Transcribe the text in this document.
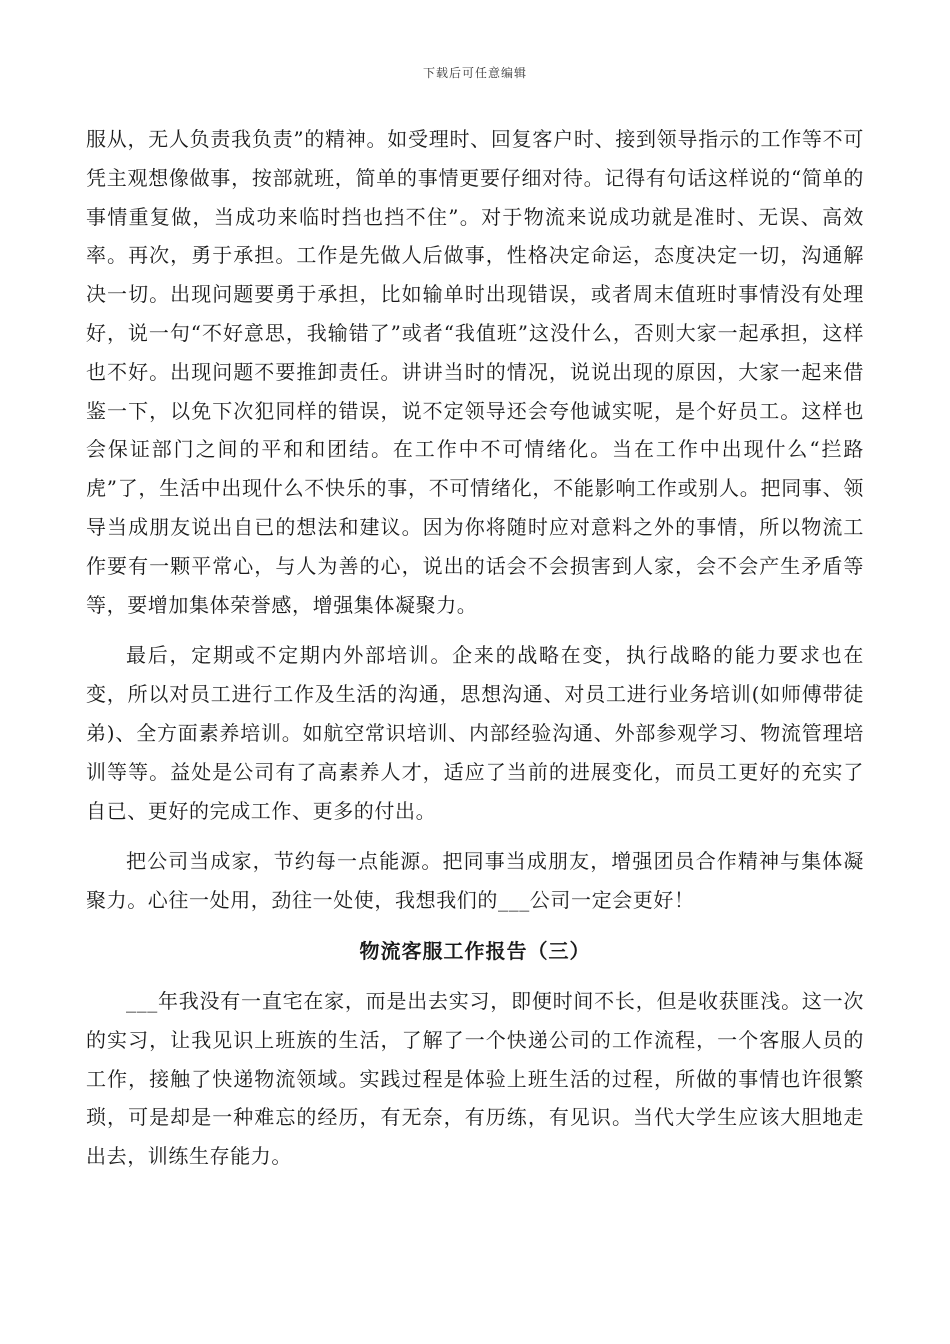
下载后可任意编辑

服从，无人负责我负责”的精神。如受理时、回复客户时、接到领导指示的工作等不可凭主观想像做事，按部就班，简单的事情更要仔细对待。记得有句话这样说的“简单的事情重复做，当成功来临时挡也挡不住”。对于物流来说成功就是准时、无误、高效率。再次，勇于承担。工作是先做人后做事，性格决定命运，态度决定一切，沟通解决一切。出现问题要勇于承担，比如输单时出现错误，或者周末值班时事情没有处理好，说一句“不好意思，我输错了”或者“我值班”这没什么，否则大家一起承担，这样也不好。出现问题不要推卸责任。讲讲当时的情况，说说出现的原因，大家一起来借鉴一下，以免下次犯同样的错误，说不定领导还会夸他诚实呢，是个好员工。这样也会保证部门之间的平和和团结。在工作中不可情绪化。当在工作中出现什么“拦路虎”了，生活中出现什么不快乐的事，不可情绪化，不能影响工作或别人。把同事、领导当成朋友说出自已的想法和建议。因为你将随时应对意料之外的事情，所以物流工作要有一颗平常心，与人为善的心，说出的话会不会损害到人家，会不会产生矛盾等等，要增加集体荣誉感，增强集体凝聚力。

最后，定期或不定期内外部培训。企来的战略在变，执行战略的能力要求也在变，所以对员工进行工作及生活的沟通，思想沟通、对员工进行业务培训(如师傅带徒弟)、全方面素养培训。如航空常识培训、内部经验沟通、外部参观学习、物流管理培训等等。益处是公司有了高素养人才，适应了当前的进展变化，而员工更好的充实了自已、更好的完成工作、更多的付出。

把公司当成家，节约每一点能源。把同事当成朋友，增强团员合作精神与集体凝聚力。心往一处用，劲往一处使，我想我们的___公司一定会更好！

物流客服工作报告（三）

___年我没有一直宅在家，而是出去实习，即便时间不长，但是收获匪浅。这一次的实习，让我见识上班族的生活，了解了一个快递公司的工作流程，一个客服人员的工作，接触了快递物流领域。实践过程是体验上班生活的过程，所做的事情也许很繁琐，可是却是一种难忘的经历，有无奈，有历练，有见识。当代大学生应该大胆地走出去，训练生存能力。
